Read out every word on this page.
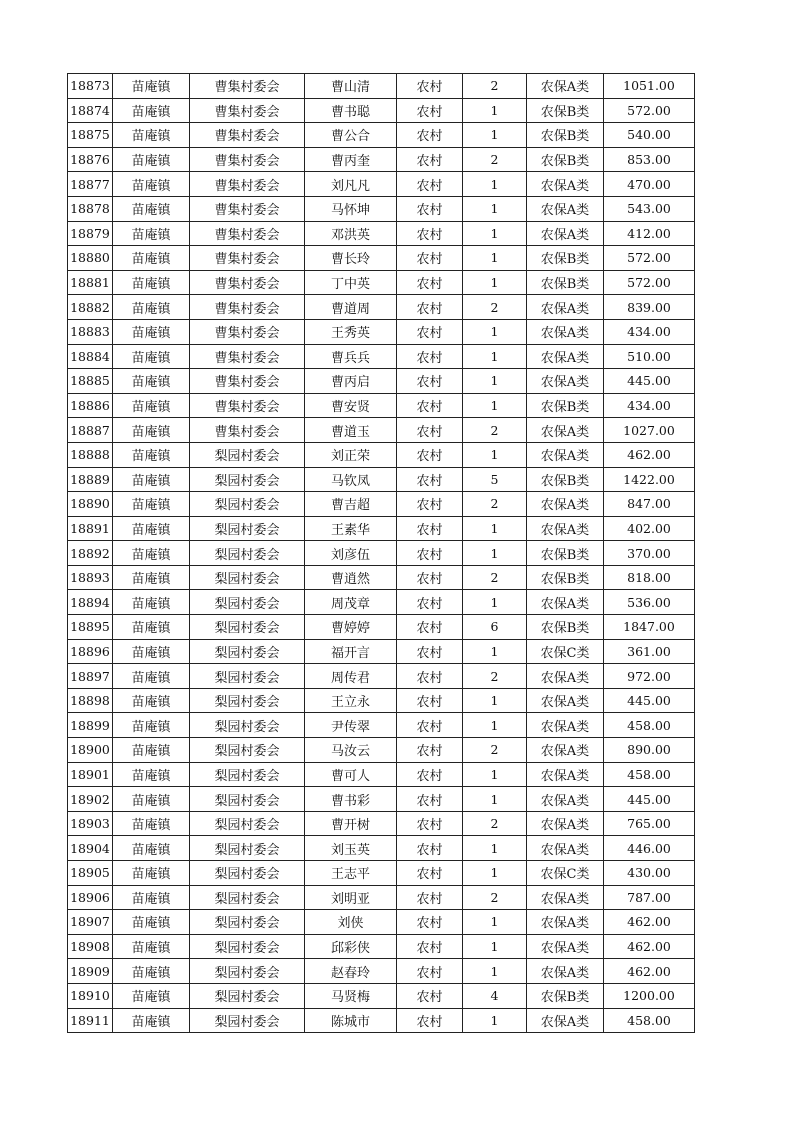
18873	苗庵镇	曹集村委会	曹山清	农村	2	农保A类	1051.00
18874	苗庵镇	曹集村委会	曹书聪	农村	1	农保B类	572.00
18875	苗庵镇	曹集村委会	曹公合	农村	1	农保B类	540.00
18876	苗庵镇	曹集村委会	曹丙奎	农村	2	农保B类	853.00
18877	苗庵镇	曹集村委会	刘凡凡	农村	1	农保A类	470.00
18878	苗庵镇	曹集村委会	马怀坤	农村	1	农保A类	543.00
18879	苗庵镇	曹集村委会	邓洪英	农村	1	农保A类	412.00
18880	苗庵镇	曹集村委会	曹长玲	农村	1	农保B类	572.00
18881	苗庵镇	曹集村委会	丁中英	农村	1	农保B类	572.00
18882	苗庵镇	曹集村委会	曹道周	农村	2	农保A类	839.00
18883	苗庵镇	曹集村委会	王秀英	农村	1	农保A类	434.00
18884	苗庵镇	曹集村委会	曹兵兵	农村	1	农保A类	510.00
18885	苗庵镇	曹集村委会	曹丙启	农村	1	农保A类	445.00
18886	苗庵镇	曹集村委会	曹安贤	农村	1	农保B类	434.00
18887	苗庵镇	曹集村委会	曹道玉	农村	2	农保A类	1027.00
18888	苗庵镇	梨园村委会	刘正荣	农村	1	农保A类	462.00
18889	苗庵镇	梨园村委会	马钦凤	农村	5	农保B类	1422.00
18890	苗庵镇	梨园村委会	曹吉超	农村	2	农保A类	847.00
18891	苗庵镇	梨园村委会	王素华	农村	1	农保A类	402.00
18892	苗庵镇	梨园村委会	刘彦伍	农村	1	农保B类	370.00
18893	苗庵镇	梨园村委会	曹逍然	农村	2	农保B类	818.00
18894	苗庵镇	梨园村委会	周茂章	农村	1	农保A类	536.00
18895	苗庵镇	梨园村委会	曹婷婷	农村	6	农保B类	1847.00
18896	苗庵镇	梨园村委会	福开言	农村	1	农保C类	361.00
18897	苗庵镇	梨园村委会	周传君	农村	2	农保A类	972.00
18898	苗庵镇	梨园村委会	王立永	农村	1	农保A类	445.00
18899	苗庵镇	梨园村委会	尹传翠	农村	1	农保A类	458.00
18900	苗庵镇	梨园村委会	马汝云	农村	2	农保A类	890.00
18901	苗庵镇	梨园村委会	曹可人	农村	1	农保A类	458.00
18902	苗庵镇	梨园村委会	曹书彩	农村	1	农保A类	445.00
18903	苗庵镇	梨园村委会	曹开树	农村	2	农保A类	765.00
18904	苗庵镇	梨园村委会	刘玉英	农村	1	农保A类	446.00
18905	苗庵镇	梨园村委会	王志平	农村	1	农保C类	430.00
18906	苗庵镇	梨园村委会	刘明亚	农村	2	农保A类	787.00
18907	苗庵镇	梨园村委会	刘侠	农村	1	农保A类	462.00
18908	苗庵镇	梨园村委会	邱彩侠	农村	1	农保A类	462.00
18909	苗庵镇	梨园村委会	赵春玲	农村	1	农保A类	462.00
18910	苗庵镇	梨园村委会	马贤梅	农村	4	农保B类	1200.00
18911	苗庵镇	梨园村委会	陈城市	农村	1	农保A类	458.00
